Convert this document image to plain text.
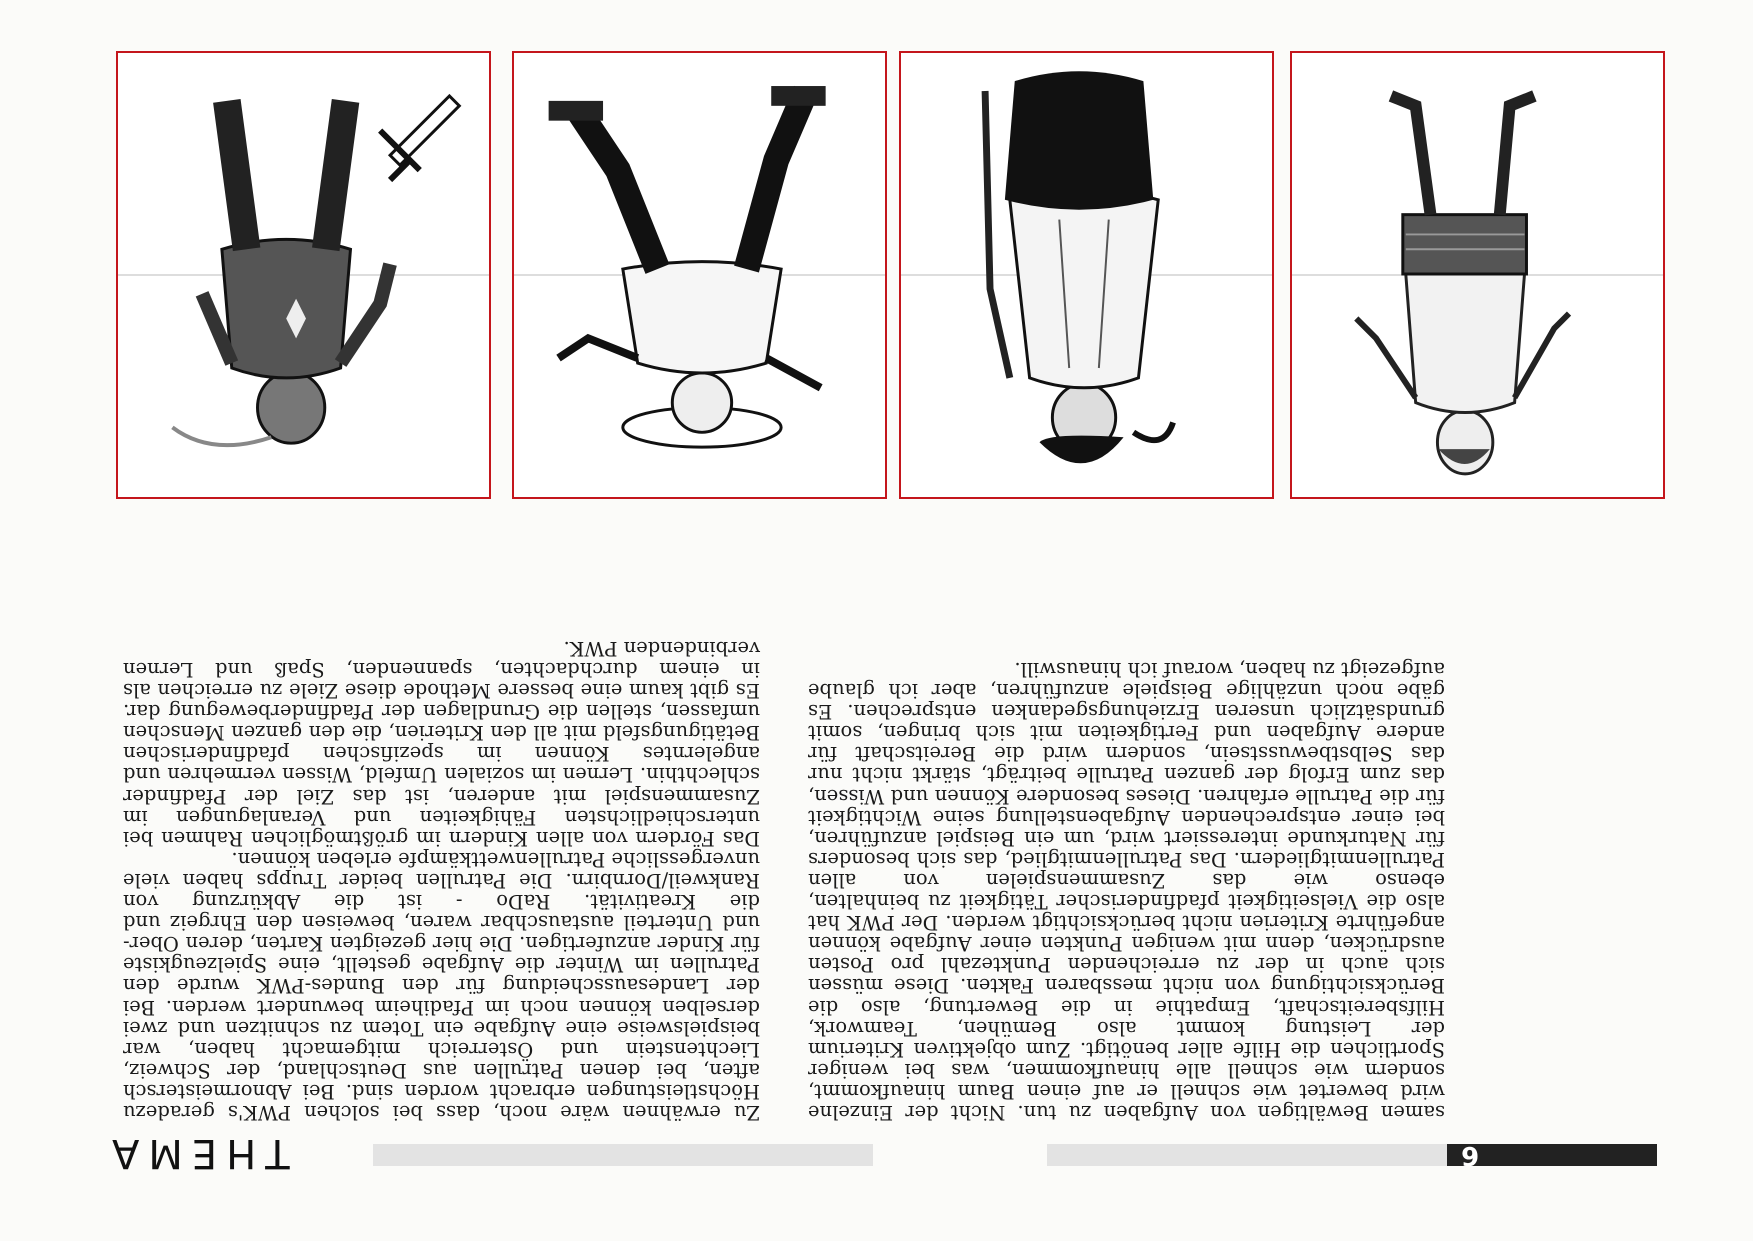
6
THEMA

samen Bewältigen von Aufgaben zu tun. Nicht der Einzelne wird bewertet wie schnell er auf einen Baum hinaufkommt, sondern wie schnell alle hinaufkommen, was bei weniger Sportlichen die Hilfe aller benötigt. Zum objektiven Kriterium der Leistung kommt also Bemühen, Teamwork, Hilfsbereitschaft, Empathie in die Bewertung, also die Berücksichtigung von nicht messbaren Fakten. Diese müssen sich auch in der zu erreichenden Punktezahl pro Posten ausdrücken, denn mit wenigen Punkten einer Aufgabe können angeführte Kriterien nicht berücksichtigt werden. Der PWK hat also die Vielseitigkeit pfadfinderischer Tätigkeit zu beinhalten, ebenso wie das Zusammenspielen von allen Patrullenmitgliedern. Das Patrullenmitglied, das sich besonders für Naturkunde interessiert wird, um ein Beispiel anzuführen, bei einer entsprechenden Aufgabenstellung seine Wichtigkeit für die Patrulle erfahren. Dieses besondere Können und Wissen, das zum Erfolg der ganzen Patrulle beiträgt, stärkt nicht nur das Selbstbewusstsein, sondern wird die Bereitschaft für andere Aufgaben und Fertigkeiten mit sich bringen, somit grundsätzlich unseren Erziehungsgedanken entsprechen. Es gäbe noch unzählige Beispiele anzuführen, aber ich glaube aufgezeigt zu haben, worauf ich hinauswill.

Zu erwähnen wäre noch, dass bei solchen PWK's geradezu Höchstleistungen erbracht worden sind. Bei Abnormeistersch aften, bei denen Patrullen aus Deutschland, der Schweiz, Liechtenstein und Österreich mitgemacht haben, war beispielsweise eine Aufgabe ein Totem zu schnitzen und zwei derselben können noch im Pfadiheim bewundert werden. Bei der Landesausscheidung für den Bundes-PWK wurde den Patrullen im Winter die Aufgabe gestellt, eine Spielzeugkiste für Kinder anzufertigen. Die hier gezeigten Karten, deren Ober- und Unterteil austauschbar waren, beweisen den Ehrgeiz und die Kreativität. RaDo - ist die Abkürzung von Rankweil/Dornbirn. Die Patrullen beider Trupps haben viele unvergessliche Patrullenwettkämpfe erleben können.

Das Fördern von allen Kindern im größtmöglichen Rahmen bei unterschiedlichsten Fähigkeiten und Veranlagungen im Zusammenspiel mit anderen, ist das Ziel der Pfadfinder schlechthin. Lernen im sozialen Umfeld, Wissen vermehren und angelerntes Können im spezifischen pfadfinderischen Betätigungsfeld mit all den Kriterien, die den ganzen Menschen umfassen, stellen die Grundlagen der Pfadfinderbewegung dar. Es gibt kaum eine bessere Methode diese Ziele zu erreichen als in einem durchdachten, spannenden, Spaß und Lernen verbindenden PWK.
